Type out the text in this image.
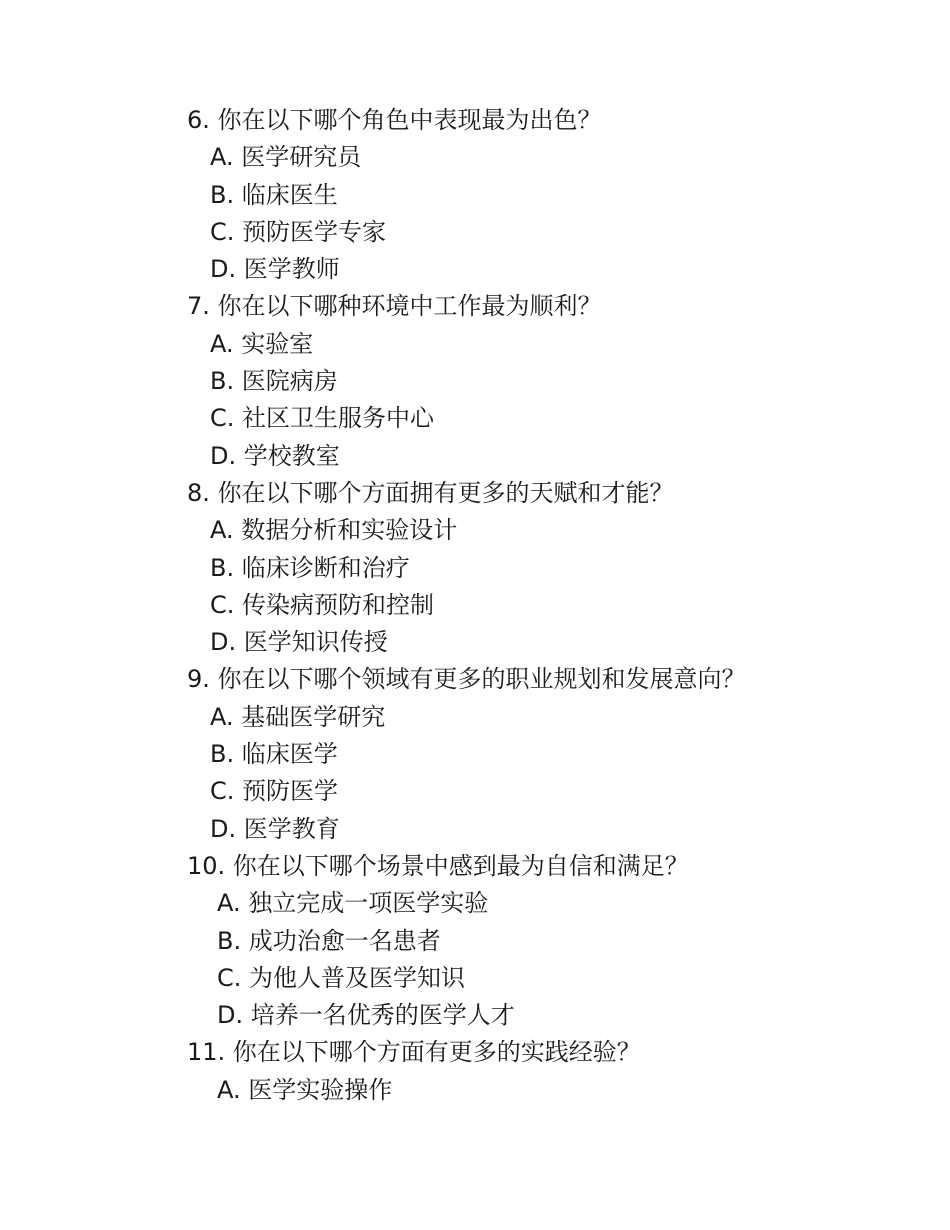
6. 你在以下哪个角色中表现最为出色？
A. 医学研究员
B. 临床医生
C. 预防医学专家
D. 医学教师
7. 你在以下哪种环境中工作最为顺利？
A. 实验室
B. 医院病房
C. 社区卫生服务中心
D. 学校教室
8. 你在以下哪个方面拥有更多的天赋和才能？
A. 数据分析和实验设计
B. 临床诊断和治疗
C. 传染病预防和控制
D. 医学知识传授
9. 你在以下哪个领域有更多的职业规划和发展意向？
A. 基础医学研究
B. 临床医学
C. 预防医学
D. 医学教育
10. 你在以下哪个场景中感到最为自信和满足？
A. 独立完成一项医学实验
B. 成功治愈一名患者
C. 为他人普及医学知识
D. 培养一名优秀的医学人才
11. 你在以下哪个方面有更多的实践经验？
A. 医学实验操作
